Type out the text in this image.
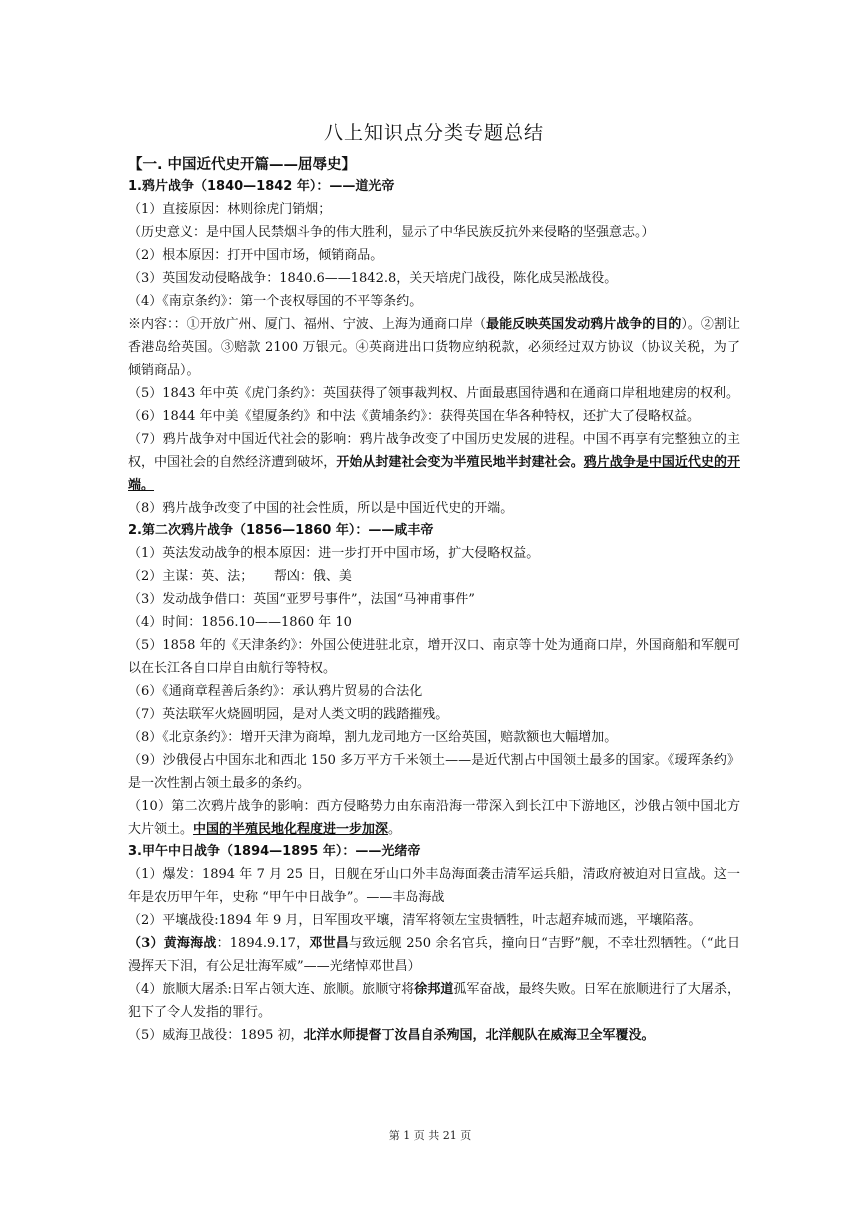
八上知识点分类专题总结
【一. 中国近代史开篇——屈辱史】
1.鸦片战争（1840—1842 年）：——道光帝
（1）直接原因：林则徐虎门销烟；
（历史意义：是中国人民禁烟斗争的伟大胜利，显示了中华民族反抗外来侵略的坚强意志。）
（2）根本原因：打开中国市场，倾销商品。
（3）英国发动侵略战争：1840.6——1842.8，关天培虎门战役，陈化成吴淞战役。
（4）《南京条约》：第一个丧权辱国的不平等条约。
※内容：：①开放广州、厦门、福州、宁波、上海为通商口岸（最能反映英国发动鸦片战争的目的）。②割让香港岛给英国。③赔款 2100 万银元。④英商进出口货物应纳税款，必须经过双方协议（协议关税，为了倾销商品）。
（5）1843 年中英《虎门条约》：英国获得了领事裁判权、片面最惠国待遇和在通商口岸租地建房的权利。
（6）1844 年中美《望厦条约》和中法《黄埔条约》：获得英国在华各种特权，还扩大了侵略权益。
（7）鸦片战争对中国近代社会的影响：鸦片战争改变了中国历史发展的进程。中国不再享有完整独立的主权，中国社会的自然经济遭到破坏，开始从封建社会变为半殖民地半封建社会。鸦片战争是中国近代史的开端。
（8）鸦片战争改变了中国的社会性质，所以是中国近代史的开端。
2.第二次鸦片战争（1856—1860 年）：——咸丰帝
（1）英法发动战争的根本原因：进一步打开中国市场，扩大侵略权益。
（2）主谋：英、法；     帮凶：俄、美
（3）发动战争借口：英国“亚罗号事件”，法国“马神甫事件”
（4）时间：1856.10——1860 年 10
（5）1858 年的《天津条约》：外国公使进驻北京，增开汉口、南京等十处为通商口岸，外国商船和军舰可以在长江各自口岸自由航行等特权。
（6）《通商章程善后条约》：承认鸦片贸易的合法化
（7）英法联军火烧圆明园，是对人类文明的践踏摧残。
（8）《北京条约》：增开天津为商埠，割九龙司地方一区给英国，赔款额也大幅增加。
（9）沙俄侵占中国东北和西北 150 多万平方千米领土——是近代割占中国领土最多的国家。《瑷珲条约》是一次性割占领土最多的条约。
（10）第二次鸦片战争的影响：西方侵略势力由东南沿海一带深入到长江中下游地区，沙俄占领中国北方大片领土。中国的半殖民地化程度进一步加深。
3.甲午中日战争（1894—1895 年）：——光绪帝
（1）爆发：1894 年 7 月 25 日，日舰在牙山口外丰岛海面袭击清军运兵船，清政府被迫对日宣战。这一年是农历甲午年，史称 “甲午中日战争”。——丰岛海战
（2）平壤战役:1894 年 9 月，日军围攻平壤，清军将领左宝贵牺牲，叶志超弃城而逃，平壤陷落。
（3）黄海海战：1894.9.17，邓世昌与致远舰 250 余名官兵，撞向日“吉野”舰，不幸壮烈牺牲。（“此日漫挥天下泪，有公足壮海军威”——光绪悼邓世昌）
（4）旅顺大屠杀:日军占领大连、旅顺。旅顺守将徐邦道孤军奋战，最终失败。日军在旅顺进行了大屠杀，犯下了令人发指的罪行。
（5）威海卫战役：1895 初，北洋水师提督丁汝昌自杀殉国，北洋舰队在威海卫全军覆没。
第 1 页 共 21 页
